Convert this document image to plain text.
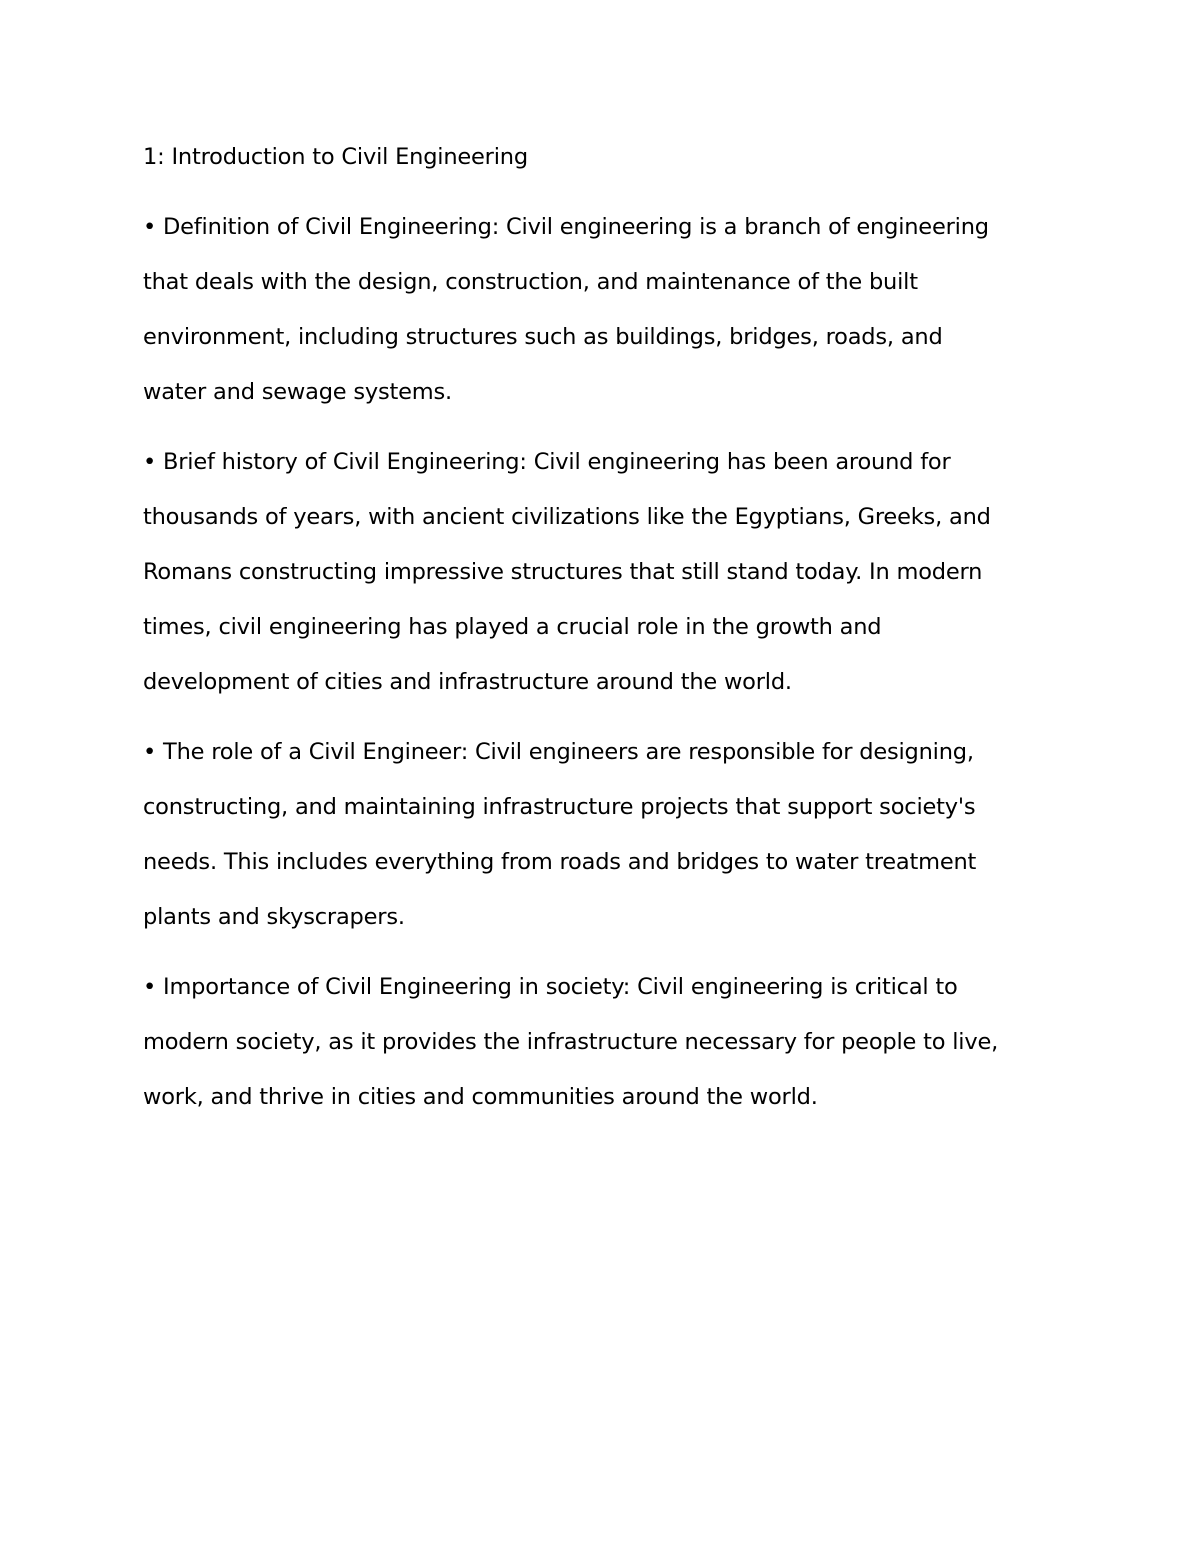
1: Introduction to Civil Engineering
• Definition of Civil Engineering: Civil engineering is a branch of engineering
that deals with the design, construction, and maintenance of the built
environment, including structures such as buildings, bridges, roads, and
water and sewage systems.
• Brief history of Civil Engineering: Civil engineering has been around for
thousands of years, with ancient civilizations like the Egyptians, Greeks, and
Romans constructing impressive structures that still stand today. In modern
times, civil engineering has played a crucial role in the growth and
development of cities and infrastructure around the world.
• The role of a Civil Engineer: Civil engineers are responsible for designing,
constructing, and maintaining infrastructure projects that support society's
needs. This includes everything from roads and bridges to water treatment
plants and skyscrapers.
• Importance of Civil Engineering in society: Civil engineering is critical to
modern society, as it provides the infrastructure necessary for people to live,
work, and thrive in cities and communities around the world.
